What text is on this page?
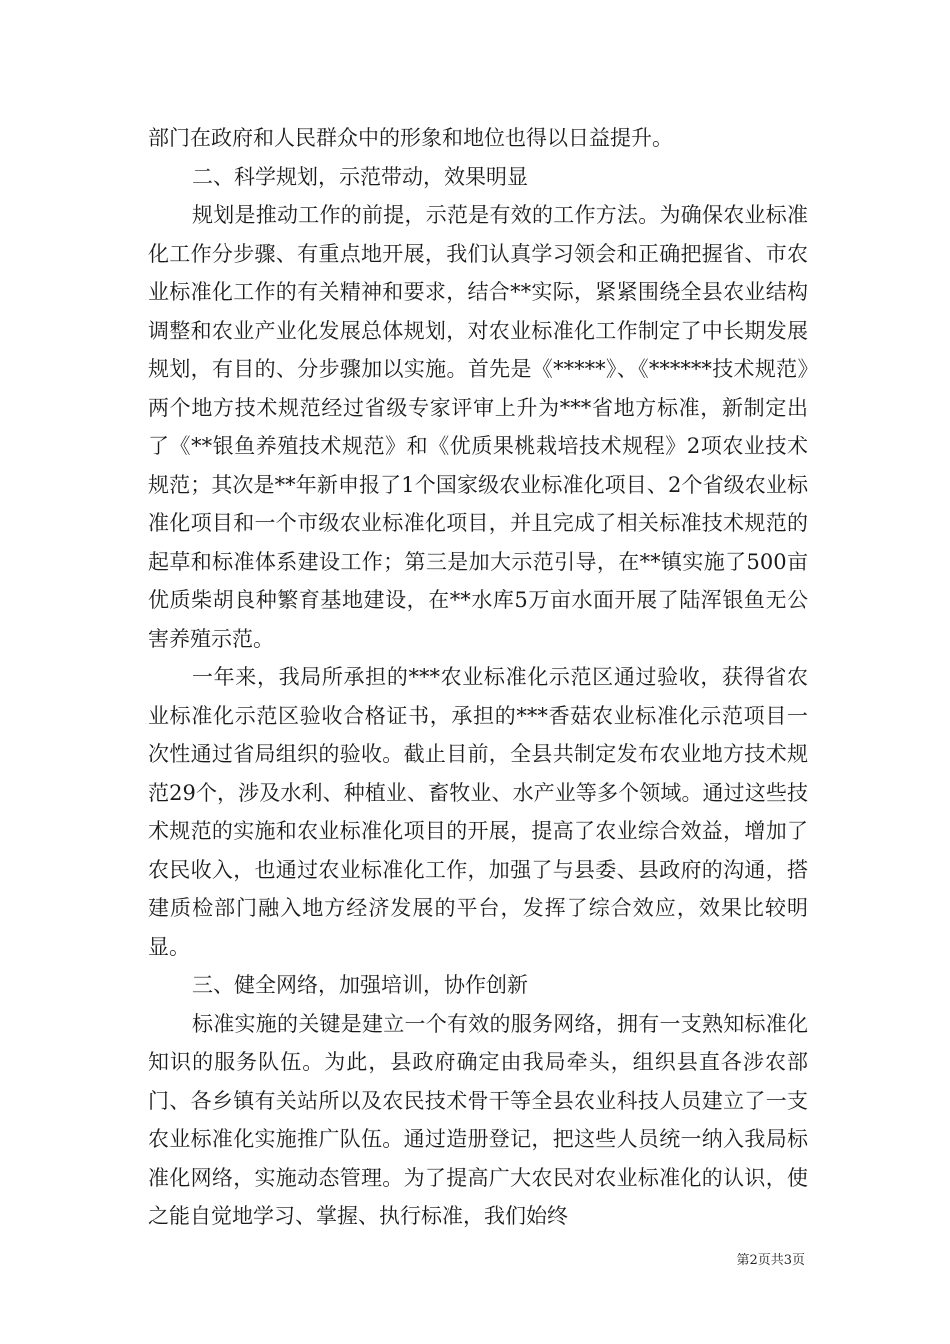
部门在政府和人民群众中的形象和地位也得以日益提升。

二、科学规划，示范带动，效果明显

规划是推动工作的前提，示范是有效的工作方法。为确保农业标准化工作分步骤、有重点地开展，我们认真学习领会和正确把握省、市农业标准化工作的有关精神和要求，结合**实际，紧紧围绕全县农业结构调整和农业产业化发展总体规划，对农业标准化工作制定了中长期发展规划，有目的、分步骤加以实施。首先是《*****》、《******技术规范》两个地方技术规范经过省级专家评审上升为***省地方标准，新制定出了《**银鱼养殖技术规范》和《优质果桃栽培技术规程》2项农业技术规范；其次是**年新申报了1个国家级农业标准化项目、2个省级农业标准化项目和一个市级农业标准化项目，并且完成了相关标准技术规范的起草和标准体系建设工作；第三是加大示范引导，在**镇实施了500亩优质柴胡良种繁育基地建设，在**水库5万亩水面开展了陆浑银鱼无公害养殖示范。

一年来，我局所承担的***农业标准化示范区通过验收，获得省农业标准化示范区验收合格证书，承担的***香菇农业标准化示范项目一次性通过省局组织的验收。截止目前，全县共制定发布农业地方技术规范29个，涉及水利、种植业、畜牧业、水产业等多个领域。通过这些技术规范的实施和农业标准化项目的开展，提高了农业综合效益，增加了农民收入，也通过农业标准化工作，加强了与县委、县政府的沟通，搭建质检部门融入地方经济发展的平台，发挥了综合效应，效果比较明显。

三、健全网络，加强培训，协作创新

标准实施的关键是建立一个有效的服务网络，拥有一支熟知标准化知识的服务队伍。为此，县政府确定由我局牵头，组织县直各涉农部门、各乡镇有关站所以及农民技术骨干等全县农业科技人员建立了一支农业标准化实施推广队伍。通过造册登记，把这些人员统一纳入我局标准化网络，实施动态管理。为了提高广大农民对农业标准化的认识，使之能自觉地学习、掌握、执行标准，我们始终

第2页共3页
